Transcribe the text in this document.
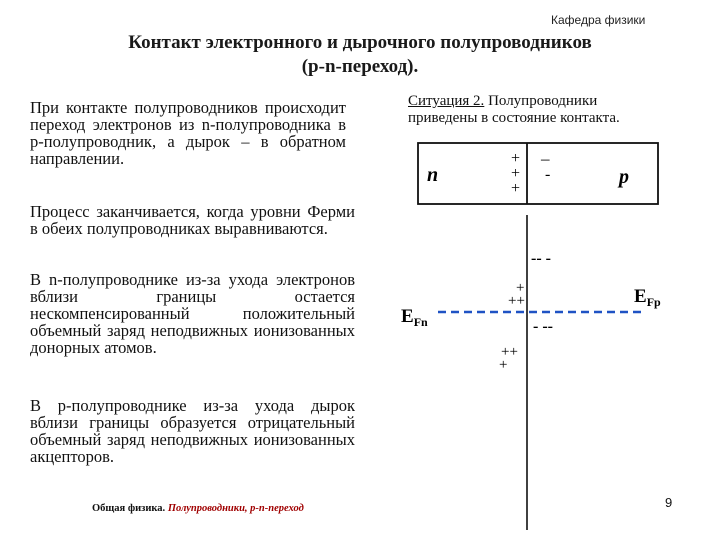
Кафедра физики
Контакт электронного и дырочного полупроводников
(p-n-переход).
При контакте полупроводников происходит переход электронов из n-полупроводника в p-полупроводник, а дырок – в обратном направлении.
Процесс заканчивается, когда уровни Ферми в обеих полупроводниках выравниваются.
В n-полупроводнике из-за ухода электронов вблизи границы остается нескомпенсированный положительный объемный заряд неподвижных ионизованных донорных атомов.
В p-полупроводнике из-за ухода дырок вблизи границы образуется отрицательный объемный заряд неподвижных ионизованных акцепторов.
Ситуация 2. Полупроводники
приведены в состояние контакта.
n	p
+
+
+
–
-
-- -
+
++
- --
++
+
$E_{Fn}$
$E_{Fp}$
Общая физика. Полупроводники, p-n-переход	9
